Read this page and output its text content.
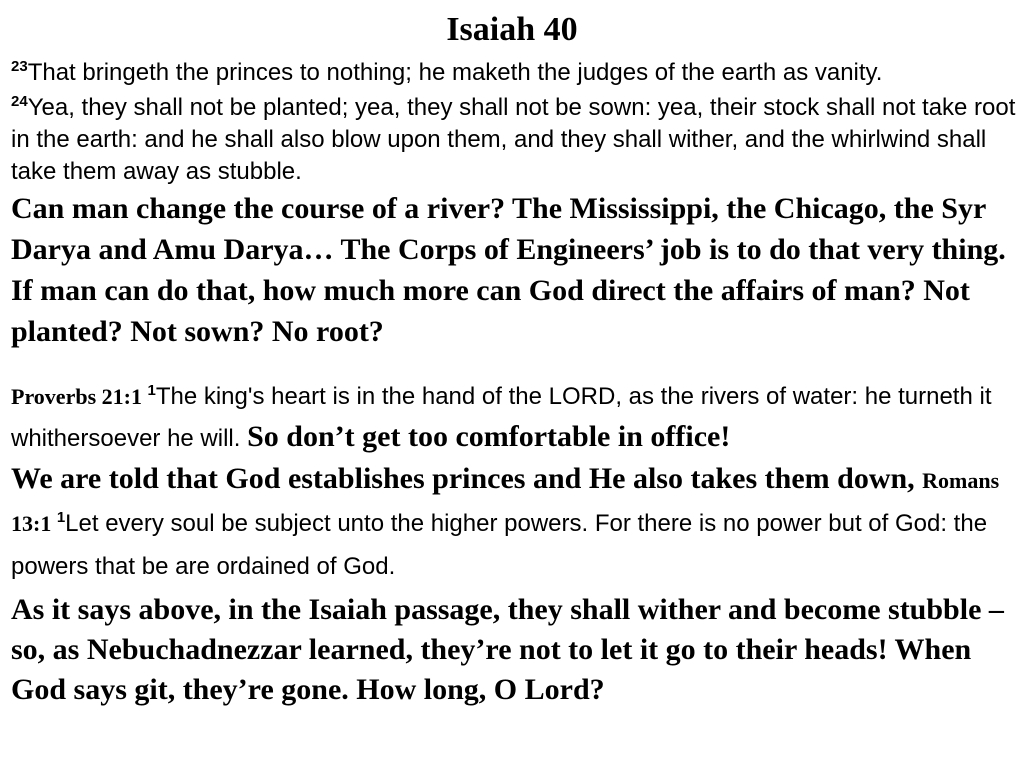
Isaiah 40

$^{23}$That bringeth the princes to nothing; he maketh the judges of the earth as vanity.

$^{24}$Yea, they shall not be planted; yea, they shall not be sown: yea, their stock shall not take root in the earth: and he shall also blow upon them, and they shall wither, and the whirlwind shall take them away as stubble.

Can man change the course of a river? The Mississippi, the Chicago, the Syr Darya and Amu Darya… The Corps of Engineers’ job is to do that very thing. If man can do that, how much more can God direct the affairs of man? Not planted? Not sown? No root?

Proverbs 21:1 $^1$The king's heart is in the hand of the LORD, as the rivers of water: he turneth it whithersoever he will. So don’t get too comfortable in office!

We are told that God establishes princes and He also takes them down, Romans 13:1 $^1$Let every soul be subject unto the higher powers. For there is no power but of God: the powers that be are ordained of God.

As it says above, in the Isaiah passage, they shall wither and become stubble – so, as Nebuchadnezzar learned, they’re not to let it go to their heads! When God says git, they’re gone. How long, O Lord?
